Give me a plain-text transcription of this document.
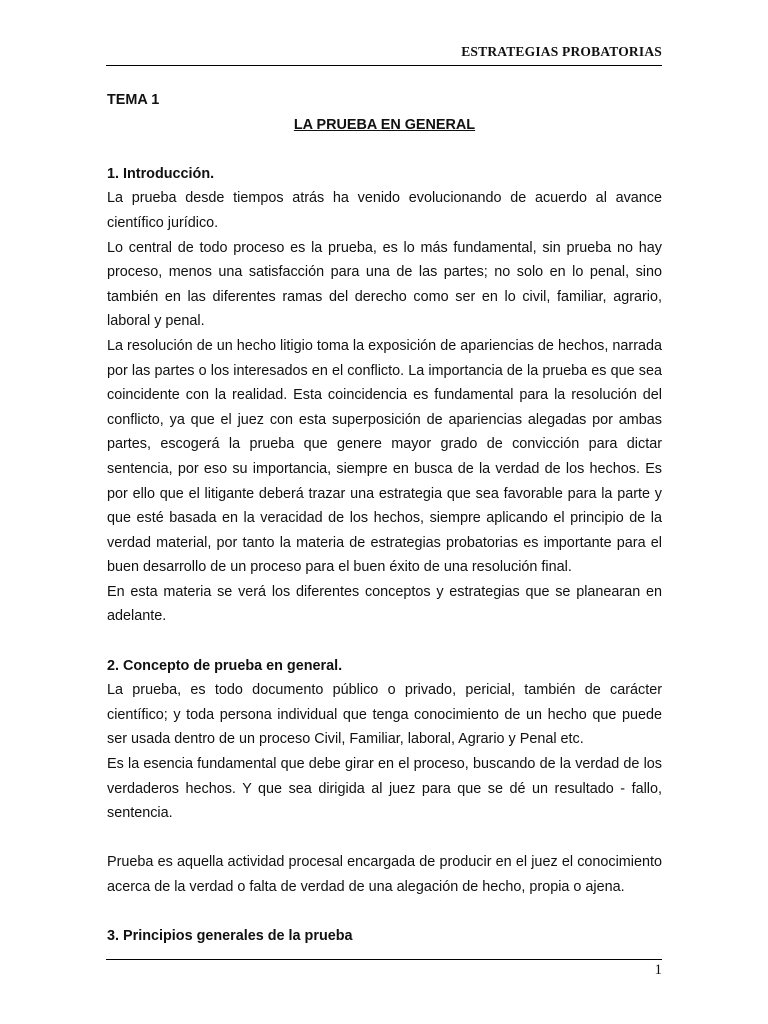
ESTRATEGIAS PROBATORIAS

TEMA 1

LA PRUEBA EN GENERAL

1. Introducción.

La prueba desde tiempos atrás ha venido evolucionando de acuerdo al avance científico jurídico.

Lo central de todo proceso es la prueba, es lo más fundamental, sin prueba no hay proceso, menos una satisfacción para una de las partes; no solo en lo penal, sino también en las diferentes ramas del derecho como ser en lo civil, familiar, agrario, laboral y penal.

La resolución de un hecho litigio toma la exposición de apariencias de hechos, narrada por las partes o los interesados en el conflicto. La importancia de la prueba es que sea coincidente con la realidad. Esta coincidencia es fundamental para la resolución del conflicto, ya que el juez con esta superposición de apariencias alegadas por ambas partes, escogerá la prueba que genere mayor grado de convicción para dictar sentencia, por eso su importancia, siempre en busca de la verdad de los hechos. Es por ello que el litigante deberá trazar una estrategia que sea favorable para la parte y que esté basada en la veracidad de los hechos, siempre aplicando el principio de la verdad material, por tanto la materia de estrategias probatorias es importante para el buen desarrollo de un proceso para el buen éxito de una resolución final.

En esta materia se verá los diferentes conceptos y estrategias que se planearan en adelante.

2. Concepto de prueba en general.

La prueba, es todo documento público o privado, pericial, también de carácter científico; y toda persona individual que tenga conocimiento de un hecho que puede ser usada dentro de un proceso Civil, Familiar, laboral, Agrario y Penal etc.

Es la esencia fundamental que debe girar en el proceso, buscando de la verdad de los verdaderos hechos. Y que sea dirigida al juez para que se dé un resultado - fallo, sentencia.

Prueba es aquella actividad procesal encargada de producir en el juez el conocimiento acerca de la verdad o falta de verdad de una alegación de hecho, propia o ajena.

3. Principios generales de la prueba
1
